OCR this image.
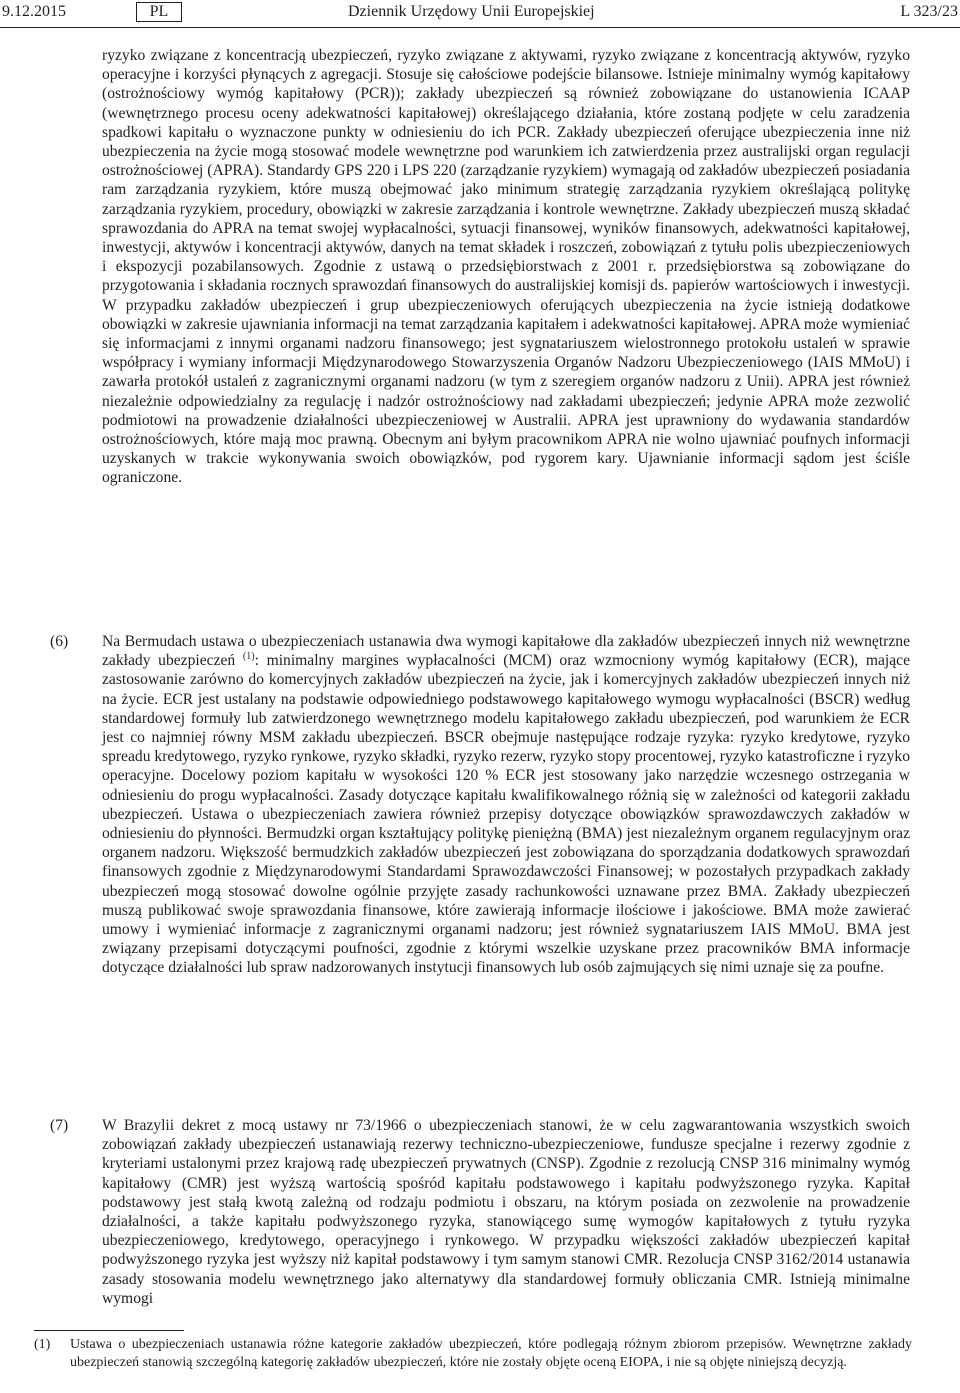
9.12.2015	PL	Dziennik Urzędowy Unii Europejskiej	L 323/23
ryzyko związane z koncentracją ubezpieczeń, ryzyko związane z aktywami, ryzyko związane z koncentracją aktywów, ryzyko operacyjne i korzyści płynących z agregacji. Stosuje się całościowe podejście bilansowe. Istnieje minimalny wymóg kapitałowy (ostrożnościowy wymóg kapitałowy (PCR)); zakłady ubezpieczeń są również zobowiązane do ustanowienia ICAAP (wewnętrznego procesu oceny adekwatności kapitałowej) określającego działania, które zostaną podjęte w celu zaradzenia spadkowi kapitału o wyznaczone punkty w odniesieniu do ich PCR. Zakłady ubezpieczeń oferujące ubezpieczenia inne niż ubezpieczenia na życie mogą stosować modele wewnętrzne pod warunkiem ich zatwierdzenia przez australijski organ regulacji ostrożnościowej (APRA). Standardy GPS 220 i LPS 220 (zarządzanie ryzykiem) wymagają od zakładów ubezpieczeń posiadania ram zarządzania ryzykiem, które muszą obejmować jako minimum strategię zarządzania ryzykiem określającą politykę zarządzania ryzykiem, procedury, obowiązki w zakresie zarządzania i kontrole wewnętrzne. Zakłady ubezpieczeń muszą składać sprawozdania do APRA na temat swojej wypłacalności, sytuacji finansowej, wyników finansowych, adekwatności kapitałowej, inwestycji, aktywów i koncentracji aktywów, danych na temat składek i roszczeń, zobowiązań z tytułu polis ubezpieczeniowych i ekspozycji pozabilansowych. Zgodnie z ustawą o przedsiębiorstwach z 2001 r. przedsiębiorstwa są zobowiązane do przygotowania i składania rocznych sprawozdań finansowych do australijskiej komisji ds. papierów wartościowych i inwestycji. W przypadku zakładów ubezpieczeń i grup ubezpieczeniowych oferujących ubezpieczenia na życie istnieją dodatkowe obowiązki w zakresie ujawniania informacji na temat zarządzania kapitałem i adekwatności kapitałowej. APRA może wymieniać się informacjami z innymi organami nadzoru finansowego; jest sygnatariuszem wielostronnego protokołu ustaleń w sprawie współpracy i wymiany informacji Międzynarodowego Stowarzyszenia Organów Nadzoru Ubezpieczeniowego (IAIS MMoU) i zawarła protokół ustaleń z zagranicznymi organami nadzoru (w tym z szeregiem organów nadzoru z Unii). APRA jest również niezależnie odpowiedzialny za regulację i nadzór ostrożnościowy nad zakładami ubezpieczeń; jedynie APRA może zezwolić podmiotowi na prowadzenie działalności ubezpieczeniowej w Australii. APRA jest uprawniony do wydawania standardów ostrożnościowych, które mają moc prawną. Obecnym ani byłym pracownikom APRA nie wolno ujawniać poufnych informacji uzyskanych w trakcie wykonywania swoich obowiązków, pod rygorem kary. Ujawnianie informacji sądom jest ściśle ograniczone.
(6) Na Bermudach ustawa o ubezpieczeniach ustanawia dwa wymogi kapitałowe dla zakładów ubezpieczeń innych niż wewnętrzne zakłady ubezpieczeń $^{(1)}$: minimalny margines wypłacalności (MCM) oraz wzmocniony wymóg kapitałowy (ECR), mające zastosowanie zarówno do komercyjnych zakładów ubezpieczeń na życie, jak i komercyjnych zakładów ubezpieczeń innych niż na życie. ECR jest ustalany na podstawie odpowiedniego podstawowego kapitałowego wymogu wypłacalności (BSCR) według standardowej formuły lub zatwierdzonego wewnętrznego modelu kapitałowego zakładu ubezpieczeń, pod warunkiem że ECR jest co najmniej równy MSM zakładu ubezpieczeń. BSCR obejmuje następujące rodzaje ryzyka: ryzyko kredytowe, ryzyko spreadu kredytowego, ryzyko rynkowe, ryzyko składki, ryzyko rezerw, ryzyko stopy procentowej, ryzyko katastroficzne i ryzyko operacyjne. Docelowy poziom kapitału w wysokości 120 % ECR jest stosowany jako narzędzie wczesnego ostrzegania w odniesieniu do progu wypłacalności. Zasady dotyczące kapitału kwalifikowalnego różnią się w zależności od kategorii zakładu ubezpieczeń. Ustawa o ubezpieczeniach zawiera również przepisy dotyczące obowiązków sprawozdawczych zakładów w odniesieniu do płynności. Bermudzki organ kształtujący politykę pieniężną (BMA) jest niezależnym organem regulacyjnym oraz organem nadzoru. Większość bermudzkich zakładów ubezpieczeń jest zobowiązana do sporządzania dodatkowych sprawozdań finansowych zgodnie z Międzynarodowymi Standardami Sprawozdawczości Finansowej; w pozostałych przypadkach zakłady ubezpieczeń mogą stosować dowolne ogólnie przyjęte zasady rachunkowości uznawane przez BMA. Zakłady ubezpieczeń muszą publikować swoje sprawozdania finansowe, które zawierają informacje ilościowe i jakościowe. BMA może zawierać umowy i wymieniać informacje z zagranicznymi organami nadzoru; jest również sygnatariuszem IAIS MMoU. BMA jest związany przepisami dotyczącymi poufności, zgodnie z którymi wszelkie uzyskane przez pracowników BMA informacje dotyczące działalności lub spraw nadzorowanych instytucji finansowych lub osób zajmujących się nimi uznaje się za poufne.
(7) W Brazylii dekret z mocą ustawy nr 73/1966 o ubezpieczeniach stanowi, że w celu zagwarantowania wszystkich swoich zobowiązań zakłady ubezpieczeń ustanawiają rezerwy techniczno-ubezpieczeniowe, fundusze specjalne i rezerwy zgodnie z kryteriami ustalonymi przez krajową radę ubezpieczeń prywatnych (CNSP). Zgodnie z rezolucją CNSP 316 minimalny wymóg kapitałowy (CMR) jest wyższą wartością spośród kapitału podstawowego i kapitału podwyższonego ryzyka. Kapitał podstawowy jest stałą kwotą zależną od rodzaju podmiotu i obszaru, na którym posiada on zezwolenie na prowadzenie działalności, a także kapitału podwyższonego ryzyka, stanowiącego sumę wymogów kapitałowych z tytułu ryzyka ubezpieczeniowego, kredytowego, operacyjnego i rynkowego. W przypadku większości zakładów ubezpieczeń kapitał podwyższonego ryzyka jest wyższy niż kapitał podstawowy i tym samym stanowi CMR. Rezolucja CNSP 3162/2014 ustanawia zasady stosowania modelu wewnętrznego jako alternatywy dla standardowej formuły obliczania CMR. Istnieją minimalne wymogi
(1)	Ustawa o ubezpieczeniach ustanawia różne kategorie zakładów ubezpieczeń, które podlegają różnym zbiorom przepisów. Wewnętrzne zakłady ubezpieczeń stanowią szczególną kategorię zakładów ubezpieczeń, które nie zostały objęte oceną EIOPA, i nie są objęte niniejszą decyzją.
